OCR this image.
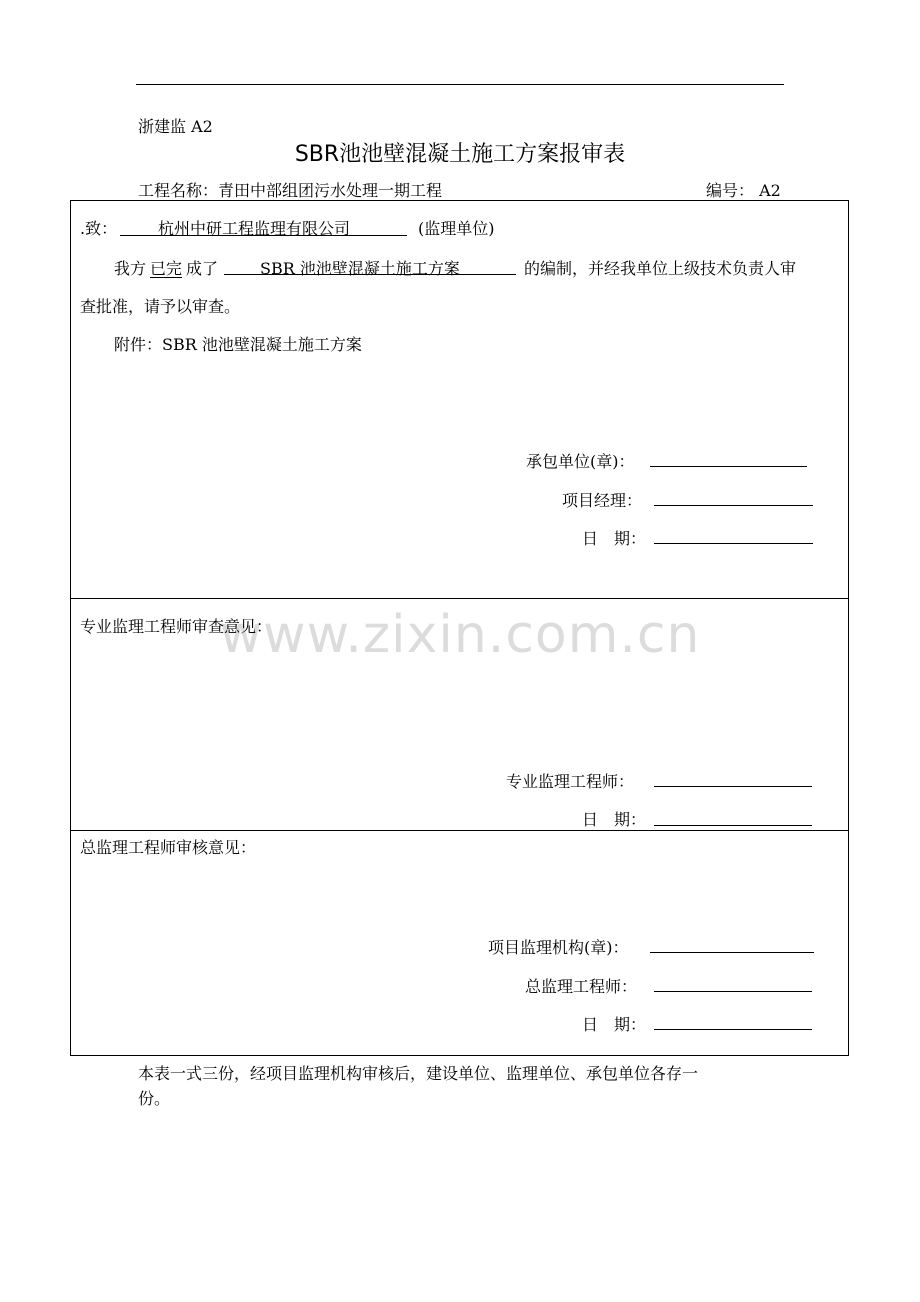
浙建监 A2
SBR池池壁混凝土施工方案报审表
工程名称：青田中部组团污水处理一期工程	编号： A2
.致：	杭州中研工程监理有限公司	(监理单位)
我方 已完 成了	SBR 池池壁混凝土施工方案	的编制，并经我单位上级技术负责人审
查批准，请予以审查。
附件：SBR 池池壁混凝土施工方案
承包单位(章)：
项目经理：
日　期：
www.zixin.com.cn
专业监理工程师审查意见：
专业监理工程师：
日　期：
总监理工程师审核意见：
项目监理机构(章)：
总监理工程师：
日　期：
本表一式三份，经项目监理机构审核后，建设单位、监理单位、承包单位各存一
份。
